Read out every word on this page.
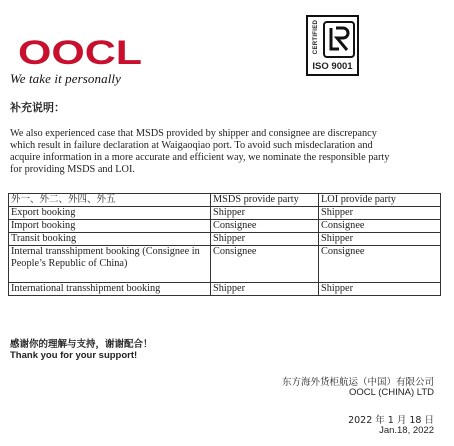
OOCL
We take it personally
CERTIFIED
ISO 9001
补充说明：
We also experienced case that MSDS provided by shipper and consignee are discrepancy
which result in failure declaration at Waigaoqiao port. To avoid such misdeclaration and
acquire information in a more accurate and efficient way, we nominate the responsible party
for providing MSDS and LOI.
外一、外二、外四、外五	MSDS provide party	LOI provide party
Export booking	Shipper	Shipper
Import booking	Consignee	Consignee
Transit booking	Shipper	Shipper
Internal transshipment booking (Consignee in People’s Republic of China)	Consignee	Consignee
International transshipment booking	Shipper	Shipper
感谢你的理解与支持，谢谢配合！
Thank you for your support!
东方海外货柜航运（中国）有限公司
OOCL (CHINA) LTD
2022 年 1 月 18 日
Jan.18, 2022
